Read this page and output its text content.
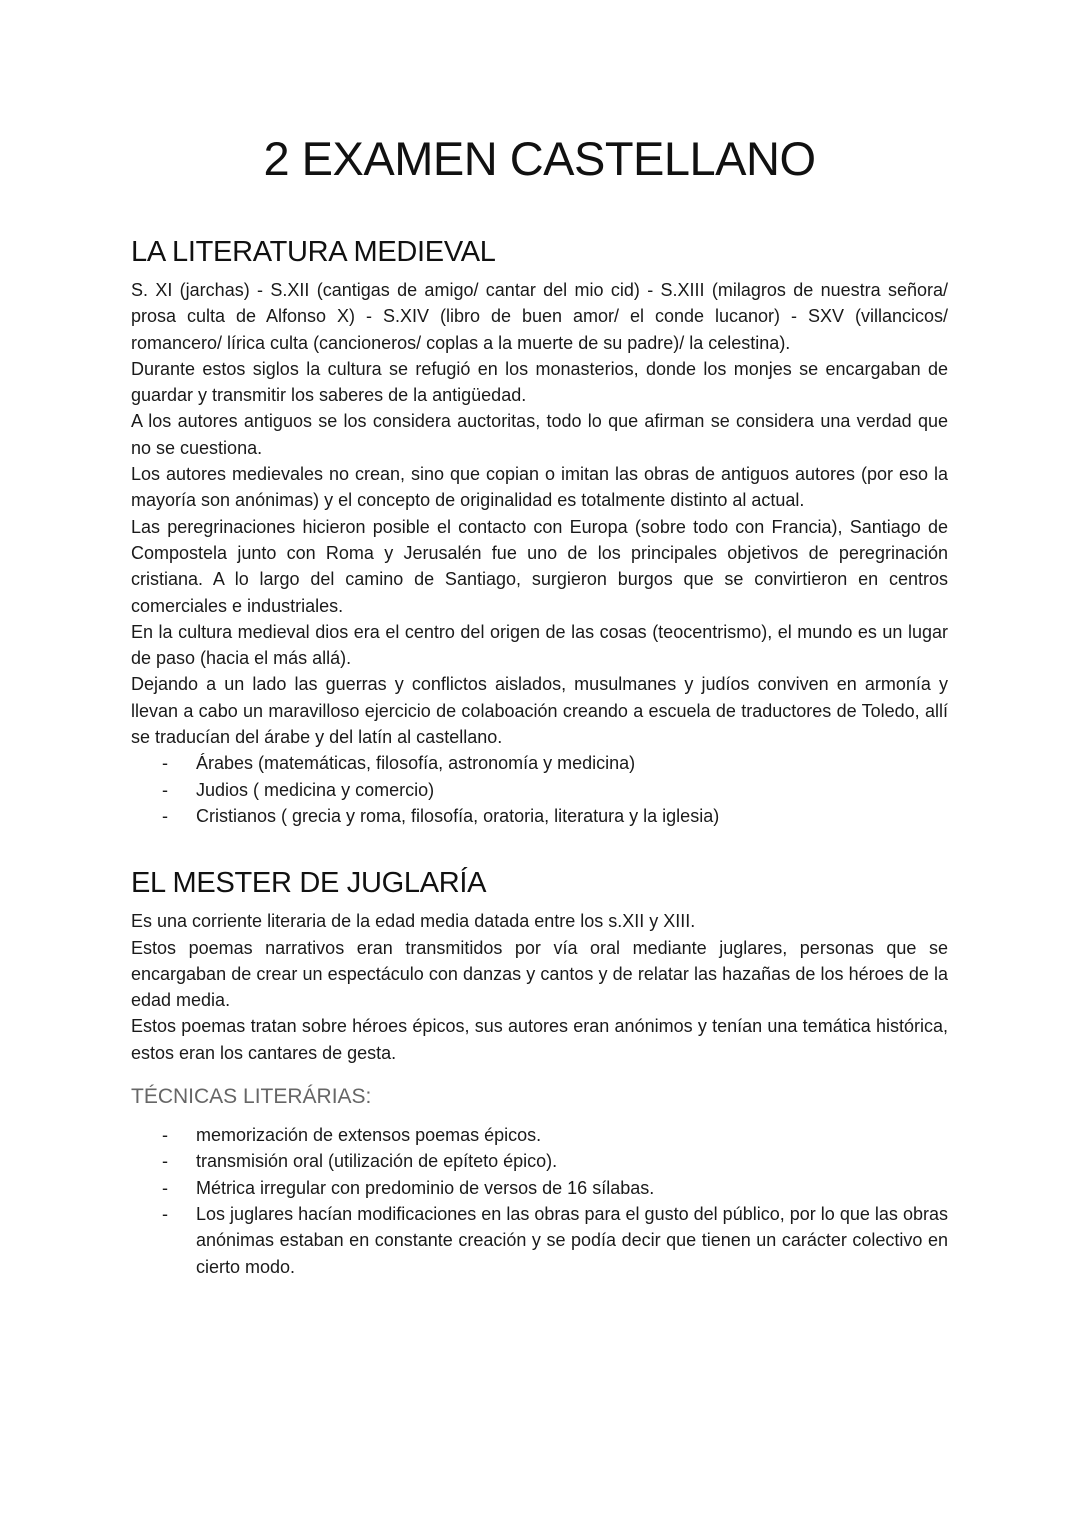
2 EXAMEN CASTELLANO
LA LITERATURA MEDIEVAL

S. XI (jarchas) - S.XII (cantigas de amigo/ cantar del mio cid) - S.XIII (milagros de nuestra señora/ prosa culta de Alfonso X) - S.XIV (libro de buen amor/ el conde lucanor) - SXV (villancicos/ romancero/ lírica culta (cancioneros/ coplas a la muerte de su padre)/ la celestina).

Durante estos siglos la cultura se refugió en los monasterios, donde los monjes se encargaban de guardar y transmitir los saberes de la antigüedad.

A los autores antiguos se los considera auctoritas, todo lo que afirman se considera una verdad que no se cuestiona.

Los autores medievales no crean, sino que copian o imitan las obras de antiguos autores (por eso la mayoría son anónimas) y el concepto de originalidad es totalmente distinto al actual.

Las peregrinaciones hicieron posible el contacto con Europa (sobre todo con Francia), Santiago de Compostela junto con Roma y Jerusalén fue uno de los principales objetivos de peregrinación cristiana. A lo largo del camino de Santiago, surgieron burgos que se convirtieron en centros comerciales e industriales.

En la cultura medieval dios era el centro del origen de las cosas (teocentrismo), el mundo es un lugar de paso (hacia el más allá).

Dejando a un lado las guerras y conflictos aislados, musulmanes y judíos conviven en armonía y llevan a cabo un maravilloso ejercicio de colaboación creando a escuela de traductores de Toledo, allí se traducían del árabe y del latín al castellano.

- Árabes (matemáticas, filosofía, astronomía y medicina)
- Judios ( medicina y comercio)
- Cristianos ( grecia y roma, filosofía, oratoria, literatura y la iglesia)
EL MESTER DE JUGLARÍA

Es una corriente literaria de la edad media datada entre los s.XII y XIII.

Estos poemas narrativos eran transmitidos por vía oral mediante juglares, personas que se encargaban de crear un espectáculo con danzas y cantos y de relatar las hazañas de los héroes de la edad media.

Estos poemas tratan sobre héroes épicos, sus autores eran anónimos y tenían una temática histórica, estos eran los cantares de gesta.

TÉCNICAS LITERÁRIAS:
- memorización de extensos poemas épicos.
- transmisión oral (utilización de epíteto épico).
- Métrica irregular con predominio de versos de 16 sílabas.
- Los juglares hacían modificaciones en las obras para el gusto del público, por lo que las obras anónimas estaban en constante creación y se podía decir que tienen un carácter colectivo en cierto modo.
